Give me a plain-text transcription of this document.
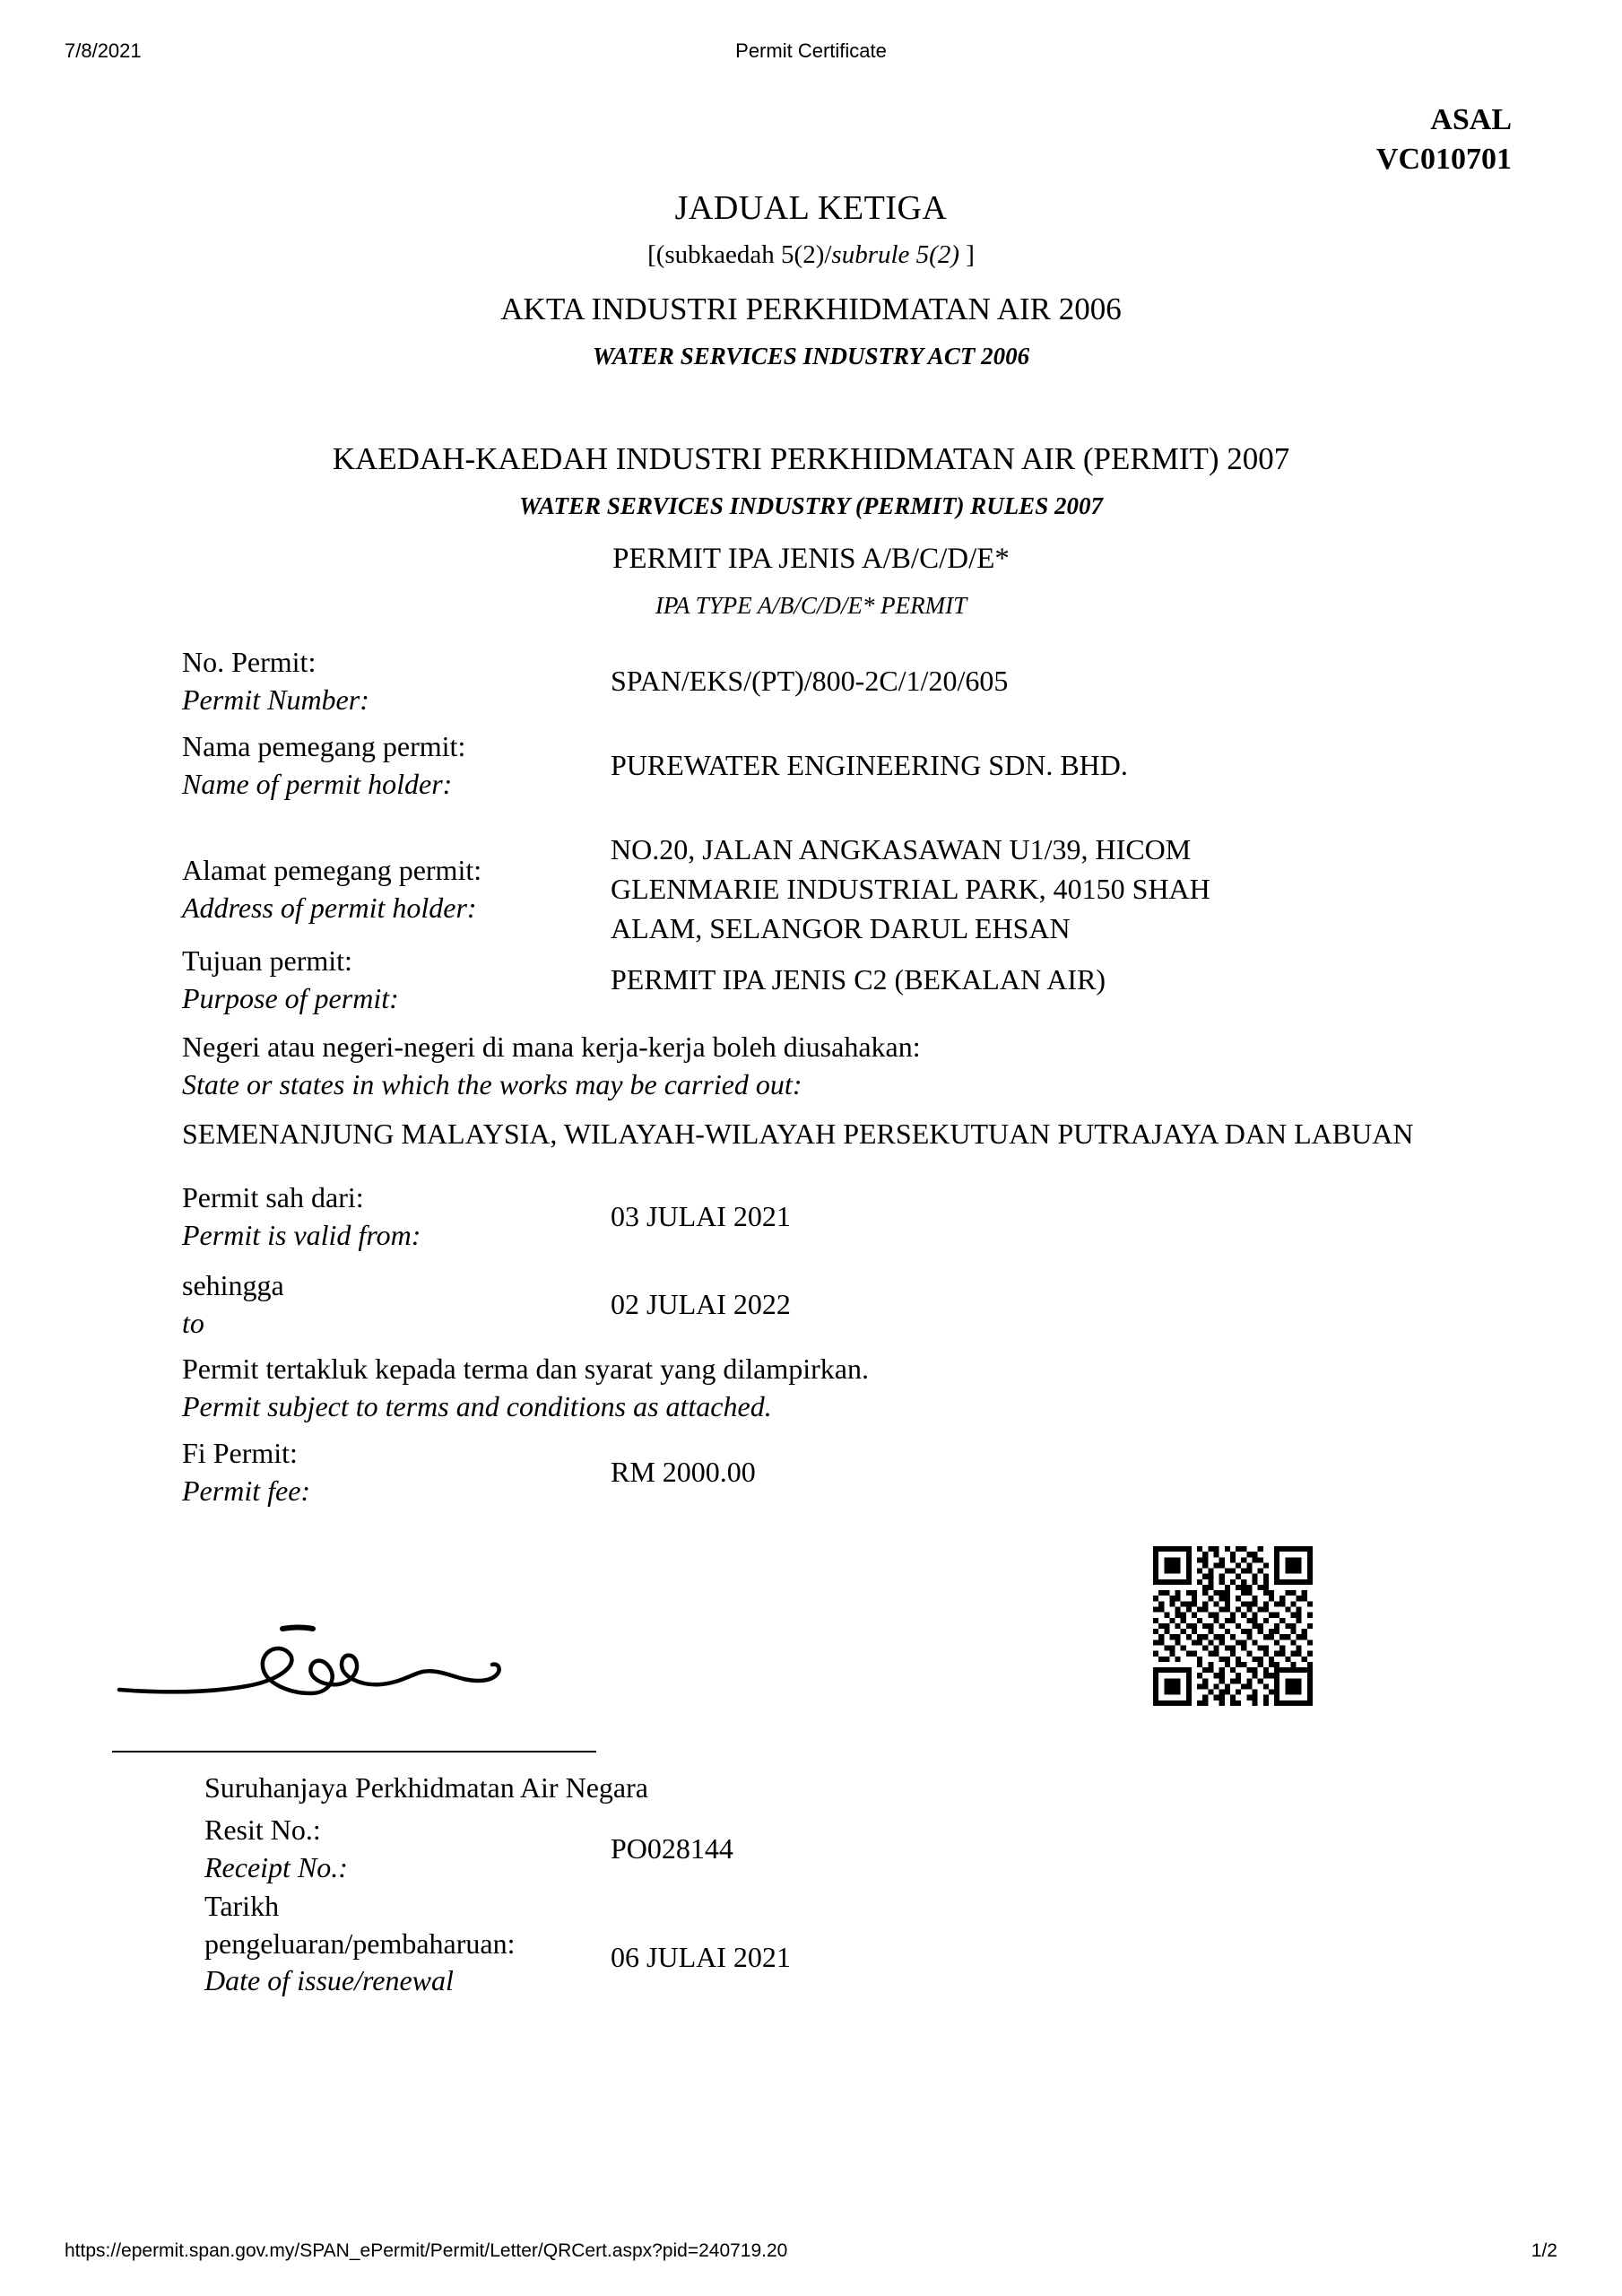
7/8/2021	Permit Certificate
ASAL
VC010701
JADUAL KETIGA
[(subkaedah 5(2)/subrule 5(2) ]
AKTA INDUSTRI PERKHIDMATAN AIR 2006
WATER SERVICES INDUSTRY ACT 2006
KAEDAH-KAEDAH INDUSTRI PERKHIDMATAN AIR (PERMIT) 2007
WATER SERVICES INDUSTRY (PERMIT) RULES 2007
PERMIT IPA JENIS A/B/C/D/E*
IPA TYPE A/B/C/D/E* PERMIT
No. Permit:
Permit Number:
SPAN/EKS/(PT)/800-2C/1/20/605
Nama pemegang permit:
Name of permit holder:
PUREWATER ENGINEERING SDN. BHD.
Alamat pemegang permit:
Address of permit holder:
NO.20, JALAN ANGKASAWAN U1/39, HICOM
GLENMARIE INDUSTRIAL PARK, 40150 SHAH
ALAM, SELANGOR DARUL EHSAN
Tujuan permit:
Purpose of permit:
PERMIT IPA JENIS C2 (BEKALAN AIR)
Negeri atau negeri-negeri di mana kerja-kerja boleh diusahakan:
State or states in which the works may be carried out:
SEMENANJUNG MALAYSIA, WILAYAH-WILAYAH PERSEKUTUAN PUTRAJAYA DAN LABUAN
Permit sah dari:
Permit is valid from:
03 JULAI 2021
sehingga
to
02 JULAI 2022
Permit tertakluk kepada terma dan syarat yang dilampirkan.
Permit subject to terms and conditions as attached.
Fi Permit:
Permit fee:
RM 2000.00
Suruhanjaya Perkhidmatan Air Negara
Resit No.:
Receipt No.:
PO028144
Tarikh
pengeluaran/pembaharuan:
Date of issue/renewal
06 JULAI 2021
https://epermit.span.gov.my/SPAN_ePermit/Permit/Letter/QRCert.aspx?pid=240719.20	1/2
